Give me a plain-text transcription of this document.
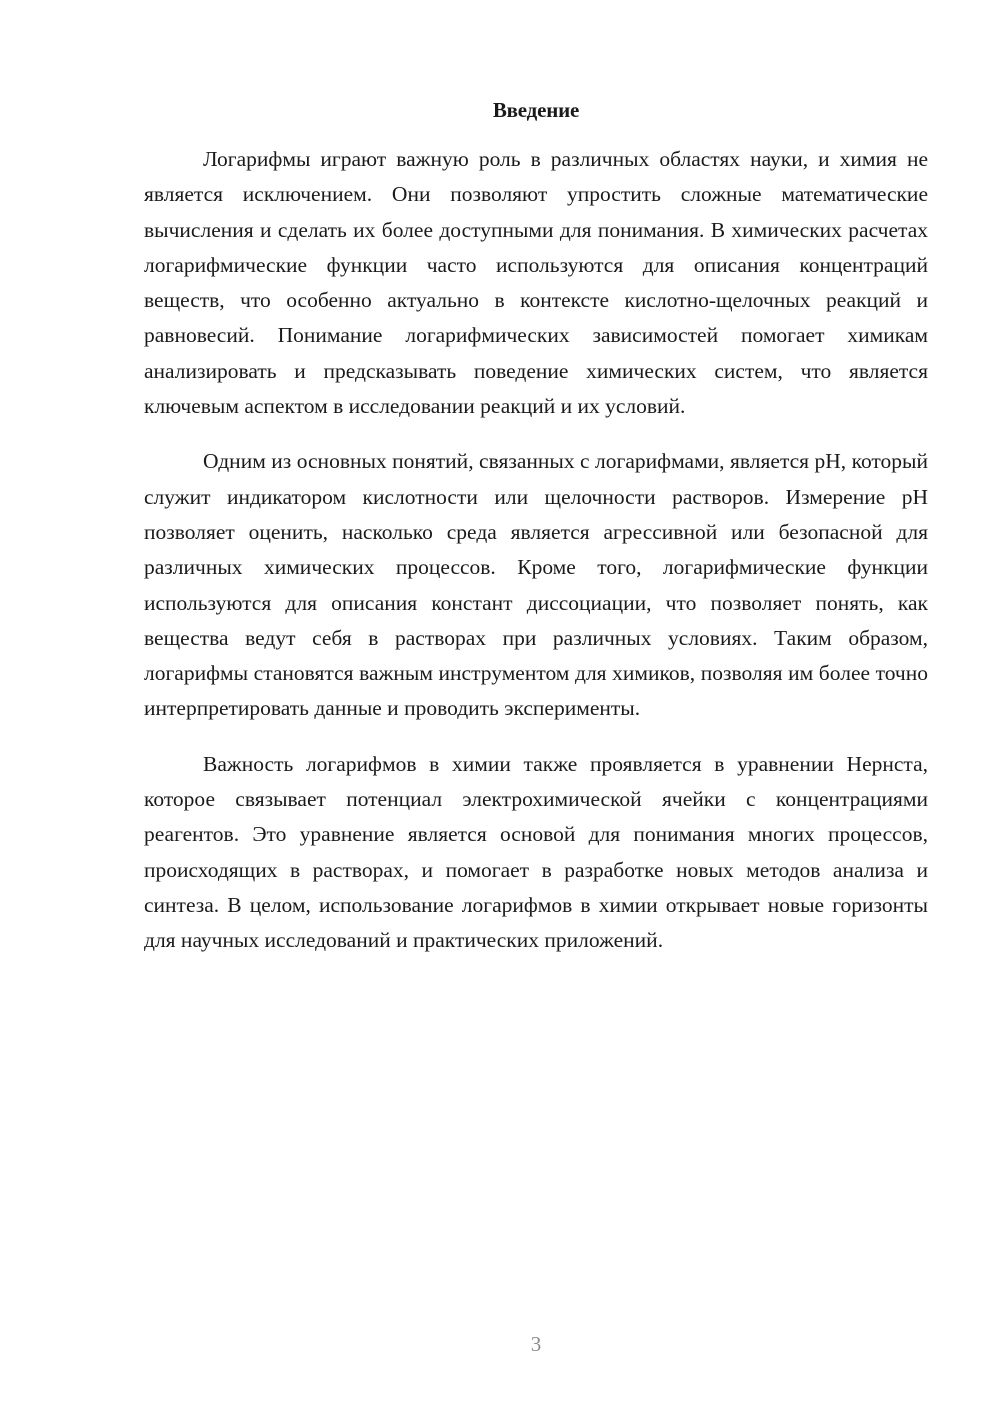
Введение

Логарифмы играют важную роль в различных областях науки, и химия не является исключением. Они позволяют упростить сложные математические вычисления и сделать их более доступными для понимания. В химических расчетах логарифмические функции часто используются для описания концентраций веществ, что особенно актуально в контексте кислотно-щелочных реакций и равновесий. Понимание логарифмических зависимостей помогает химикам анализировать и предсказывать поведение химических систем, что является ключевым аспектом в исследовании реакций и их условий.

Одним из основных понятий, связанных с логарифмами, является pH, который служит индикатором кислотности или щелочности растворов. Измерение pH позволяет оценить, насколько среда является агрессивной или безопасной для различных химических процессов. Кроме того, логарифмические функции используются для описания констант диссоциации, что позволяет понять, как вещества ведут себя в растворах при различных условиях. Таким образом, логарифмы становятся важным инструментом для химиков, позволяя им более точно интерпретировать данные и проводить эксперименты.

Важность логарифмов в химии также проявляется в уравнении Нернста, которое связывает потенциал электрохимической ячейки с концентрациями реагентов. Это уравнение является основой для понимания многих процессов, происходящих в растворах, и помогает в разработке новых методов анализа и синтеза. В целом, использование логарифмов в химии открывает новые горизонты для научных исследований и практических приложений.

3
